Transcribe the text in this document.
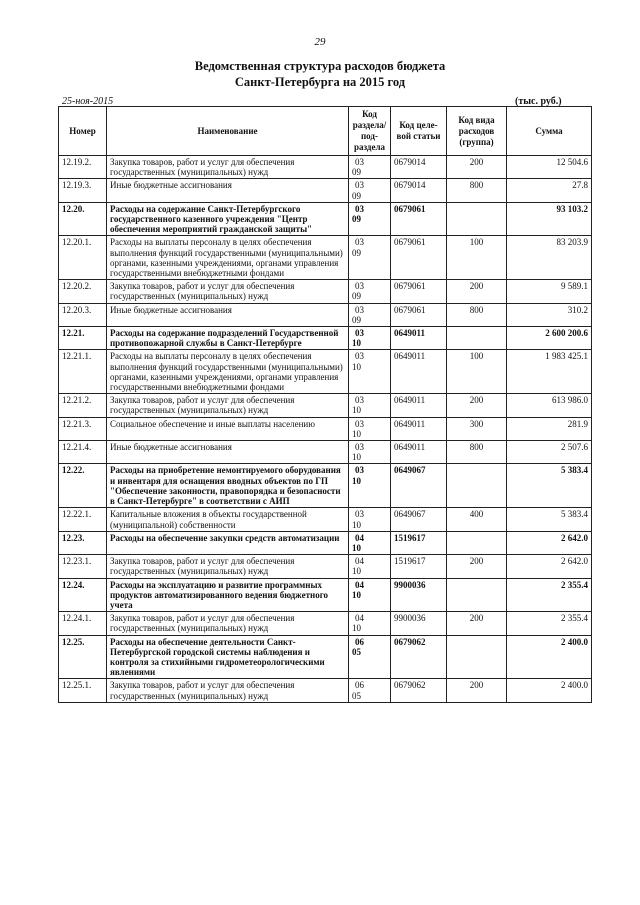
29
Ведомственная структура расходов бюджета
Санкт-Петербурга на 2015 год
25-ноя-2015	(тыс. руб.)
Номер	Наименование	Код раздела/ под-раздела	Код целе-вой статьи	Код вида расходов (группа)	Сумма
12.19.2.	Закупка товаров, работ и услуг для обеспечения государственных (муниципальных) нужд	0309	0679014	200	12 504.6
12.19.3.	Иные бюджетные ассигнования	0309	0679014	800	27.8
12.20.	Расходы на содержание Санкт-Петербургского государственного казенного учреждения "Центр обеспечения мероприятий гражданской защиты"	0309	0679061		93 103.2
12.20.1.	Расходы на выплаты персоналу в целях обеспечения выполнения функций государственными (муниципальными) органами, казенными учреждениями, органами управления государственными внебюджетными фондами	0309	0679061	100	83 203.9
12.20.2.	Закупка товаров, работ и услуг для обеспечения государственных (муниципальных) нужд	0309	0679061	200	9 589.1
12.20.3.	Иные бюджетные ассигнования	0309	0679061	800	310.2
12.21.	Расходы на содержание подразделений Государственной противопожарной службы в Санкт-Петербурге	0310	0649011		2 600 200.6
12.21.1.	Расходы на выплаты персоналу в целях обеспечения выполнения функций государственными (муниципальными) органами, казенными учреждениями, органами управления государственными внебюджетными фондами	0310	0649011	100	1 983 425.1
12.21.2.	Закупка товаров, работ и услуг для обеспечения государственных (муниципальных) нужд	0310	0649011	200	613 986.0
12.21.3.	Социальное обеспечение и иные выплаты населению	0310	0649011	300	281.9
12.21.4.	Иные бюджетные ассигнования	0310	0649011	800	2 507.6
12.22.	Расходы на приобретение немонтируемого оборудования и инвентаря для оснащения вводных объектов по ГП "Обеспечение законности, правопорядка и безопасности в Санкт-Петербурге" в соответствии с АИП	0310	0649067		5 383.4
12.22.1.	Капитальные вложения в объекты государственной (муниципальной) собственности	0310	0649067	400	5 383.4
12.23.	Расходы на обеспечение закупки средств автоматизации	0410	1519617		2 642.0
12.23.1.	Закупка товаров, работ и услуг для обеспечения государственных (муниципальных) нужд	0410	1519617	200	2 642.0
12.24.	Расходы на эксплуатацию и развитие программных продуктов автоматизированного ведения бюджетного учета	0410	9900036		2 355.4
12.24.1.	Закупка товаров, работ и услуг для обеспечения государственных (муниципальных) нужд	0410	9900036	200	2 355.4
12.25.	Расходы на обеспечение деятельности Санкт-Петербургской городской системы наблюдения и контроля за стихийными гидрометеорологическими явлениями	0605	0679062		2 400.0
12.25.1.	Закупка товаров, работ и услуг для обеспечения государственных (муниципальных) нужд	0605	0679062	200	2 400.0
